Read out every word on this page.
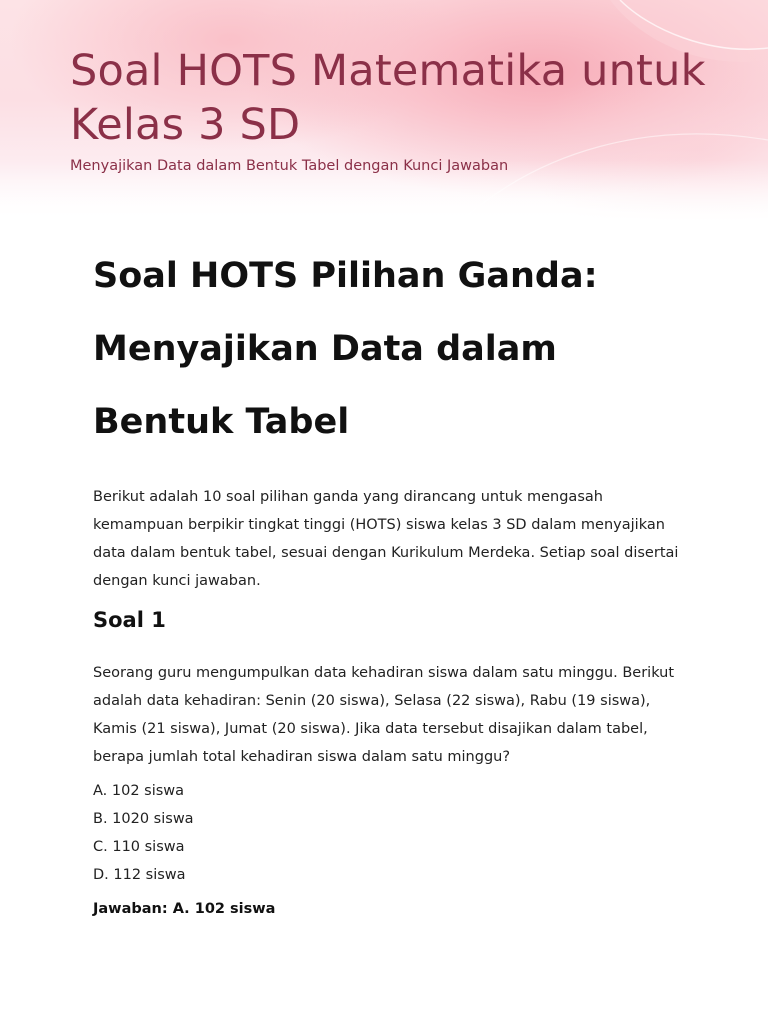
Soal HOTS Matematika untuk Kelas 3 SD

Menyajikan Data dalam Bentuk Tabel dengan Kunci Jawaban

Soal HOTS Pilihan Ganda: Menyajikan Data dalam Bentuk Tabel

Berikut adalah 10 soal pilihan ganda yang dirancang untuk mengasah kemampuan berpikir tingkat tinggi (HOTS) siswa kelas 3 SD dalam menyajikan data dalam bentuk tabel, sesuai dengan Kurikulum Merdeka. Setiap soal disertai dengan kunci jawaban.

Soal 1

Seorang guru mengumpulkan data kehadiran siswa dalam satu minggu. Berikut adalah data kehadiran: Senin (20 siswa), Selasa (22 siswa), Rabu (19 siswa), Kamis (21 siswa), Jumat (20 siswa). Jika data tersebut disajikan dalam tabel, berapa jumlah total kehadiran siswa dalam satu minggu?

A. 102 siswa
B. 1020 siswa
C. 110 siswa
D. 112 siswa

Jawaban: A. 102 siswa
